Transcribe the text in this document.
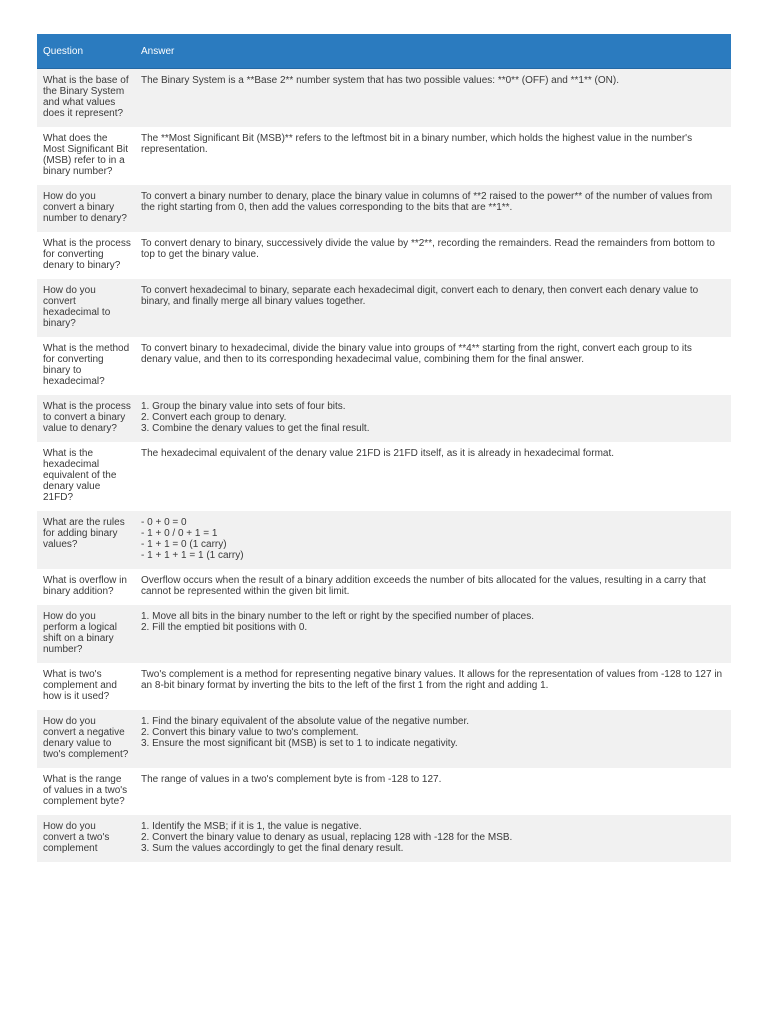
Question	Answer
What is the base of the Binary System and what values does it represent?	The Binary System is a **Base 2** number system that has two possible values: **0** (OFF) and **1** (ON).

What does the Most Significant Bit (MSB) refer to in a binary number?	The **Most Significant Bit (MSB)** refers to the leftmost bit in a binary number, which holds the highest value in the number's representation.

How do you convert a binary number to denary?	To convert a binary number to denary, place the binary value in columns of **2 raised to the power** of the number of values from the right starting from 0, then add the values corresponding to the bits that are **1**.

What is the process for converting denary to binary?	To convert denary to binary, successively divide the value by **2**, recording the remainders. Read the remainders from bottom to top to get the binary value.

How do you convert hexadecimal to binary?	To convert hexadecimal to binary, separate each hexadecimal digit, convert each to denary, then convert each denary value to binary, and finally merge all binary values together.

What is the method for converting binary to hexadecimal?	To convert binary to hexadecimal, divide the binary value into groups of **4** starting from the right, convert each group to its denary value, and then to its corresponding hexadecimal value, combining them for the final answer.

What is the process to convert a binary value to denary?	1. Group the binary value into sets of four bits.
2. Convert each group to denary.
3. Combine the denary values to get the final result.

What is the hexadecimal equivalent of the denary value 21FD?	The hexadecimal equivalent of the denary value 21FD is 21FD itself, as it is already in hexadecimal format.

What are the rules for adding binary values?	- 0 + 0 = 0
- 1 + 0 / 0 + 1 = 1
- 1 + 1 = 0 (1 carry)
- 1 + 1 + 1 = 1 (1 carry)

What is overflow in binary addition?	Overflow occurs when the result of a binary addition exceeds the number of bits allocated for the values, resulting in a carry that cannot be represented within the given bit limit.

How do you perform a logical shift on a binary number?	1. Move all bits in the binary number to the left or right by the specified number of places.
2. Fill the emptied bit positions with 0.

What is two's complement and how is it used?	Two's complement is a method for representing negative binary values. It allows for the representation of values from -128 to 127 in an 8-bit binary format by inverting the bits to the left of the first 1 from the right and adding 1.

How do you convert a negative denary value to two's complement?	1. Find the binary equivalent of the absolute value of the negative number.
2. Convert this binary value to two's complement.
3. Ensure the most significant bit (MSB) is set to 1 to indicate negativity.

What is the range of values in a two's complement byte?	The range of values in a two's complement byte is from -128 to 127.

How do you convert a two's complement	1. Identify the MSB; if it is 1, the value is negative.
2. Convert the binary value to denary as usual, replacing 128 with -128 for the MSB.
3. Sum the values accordingly to get the final denary result.
